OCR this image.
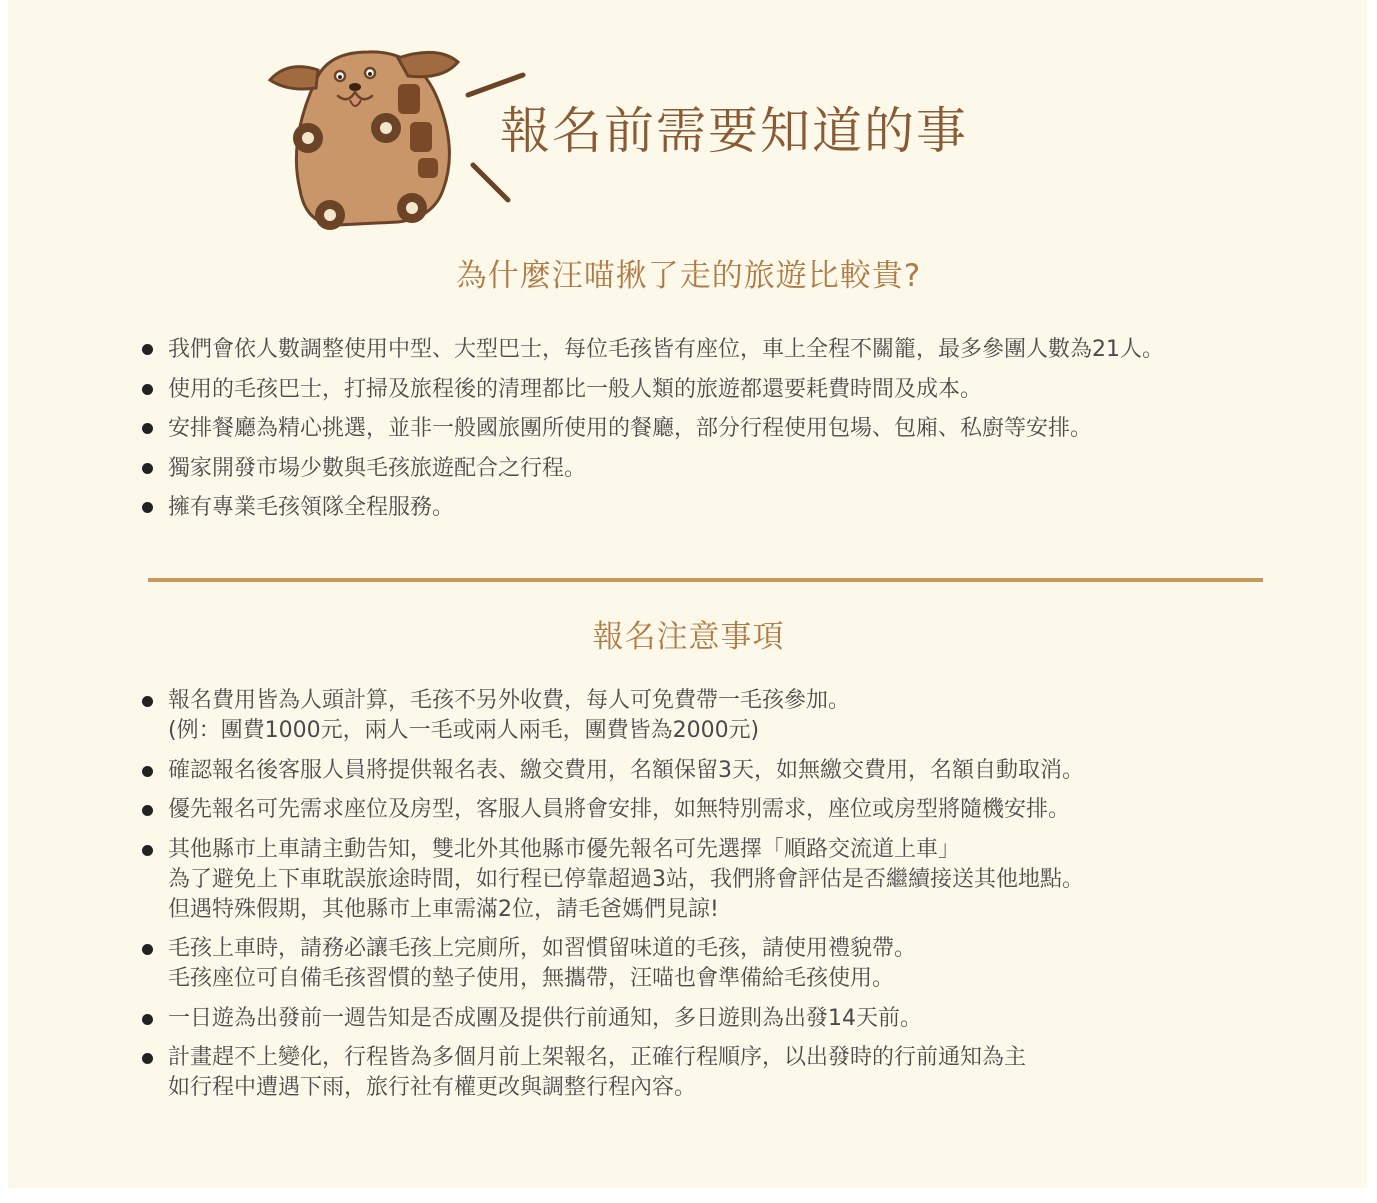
報名前需要知道的事
為什麼汪喵揪了走的旅遊比較貴?
我們會依人數調整使用中型、大型巴士，每位毛孩皆有座位，車上全程不關籠，最多參團人數為21人。
使用的毛孩巴士，打掃及旅程後的清理都比一般人類的旅遊都還要耗費時間及成本。
安排餐廳為精心挑選，並非一般國旅團所使用的餐廳，部分行程使用包場、包廂、私廚等安排。
獨家開發市場少數與毛孩旅遊配合之行程。
擁有專業毛孩領隊全程服務。
報名注意事項
報名費用皆為人頭計算，毛孩不另外收費，每人可免費帶一毛孩參加。
(例：團費1000元，兩人一毛或兩人兩毛，團費皆為2000元)
確認報名後客服人員將提供報名表、繳交費用，名額保留3天，如無繳交費用，名額自動取消。
優先報名可先需求座位及房型，客服人員將會安排，如無特別需求，座位或房型將隨機安排。
其他縣市上車請主動告知，雙北外其他縣市優先報名可先選擇「順路交流道上車」
為了避免上下車耽誤旅途時間，如行程已停靠超過3站，我們將會評估是否繼續接送其他地點。
但遇特殊假期，其他縣市上車需滿2位，請毛爸媽們見諒!
毛孩上車時，請務必讓毛孩上完廁所，如習慣留味道的毛孩，請使用禮貌帶。
毛孩座位可自備毛孩習慣的墊子使用，無攜帶，汪喵也會準備給毛孩使用。
一日遊為出發前一週告知是否成團及提供行前通知，多日遊則為出發14天前。
計畫趕不上變化，行程皆為多個月前上架報名，正確行程順序，以出發時的行前通知為主
如行程中遭遇下雨，旅行社有權更改與調整行程內容。
